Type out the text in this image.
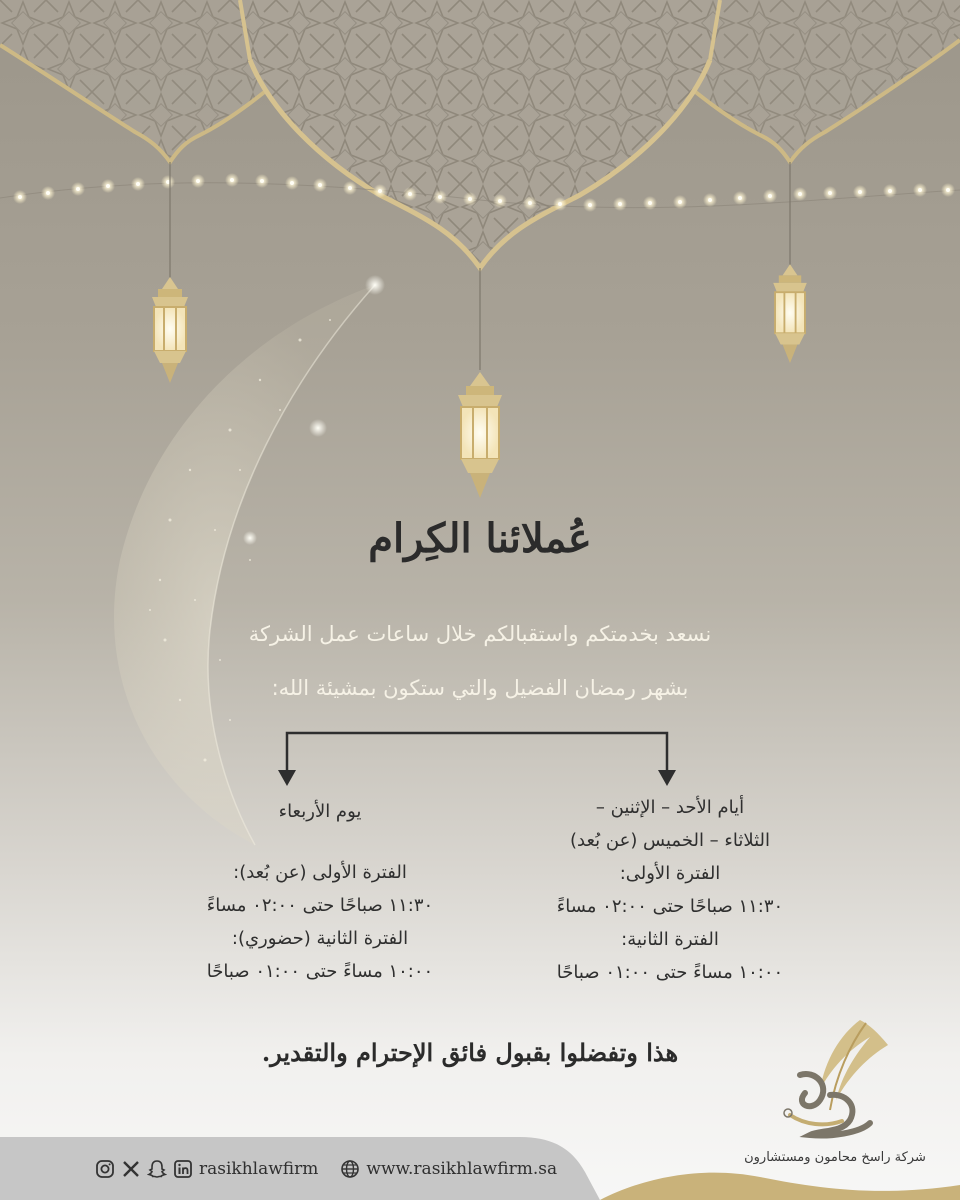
عُملائنا الكِرام
نسعد بخدمتكم واستقبالكم خلال ساعات عمل الشركة
بشهر رمضان الفضيل والتي ستكون بمشيئة الله:
يوم الأربعاء
الفترة الأولى (عن بُعد):
١١:٣٠ صباحًا حتى ٠٢:٠٠ مساءً
الفترة الثانية (حضوري):
١٠:٠٠ مساءً حتى ٠١:٠٠ صباحًا
أيام الأحد – الإثنين –
الثلاثاء – الخميس (عن بُعد)
الفترة الأولى:
١١:٣٠ صباحًا حتى ٠٢:٠٠ مساءً
الفترة الثانية:
١٠:٠٠ مساءً حتى ٠١:٠٠ صباحًا
هذا وتفضلوا بقبول فائق الإحترام والتقدير.
شركة راسخ محامون ومستشارون
rasikhlawfirm	www.rasikhlawfirm.sa
